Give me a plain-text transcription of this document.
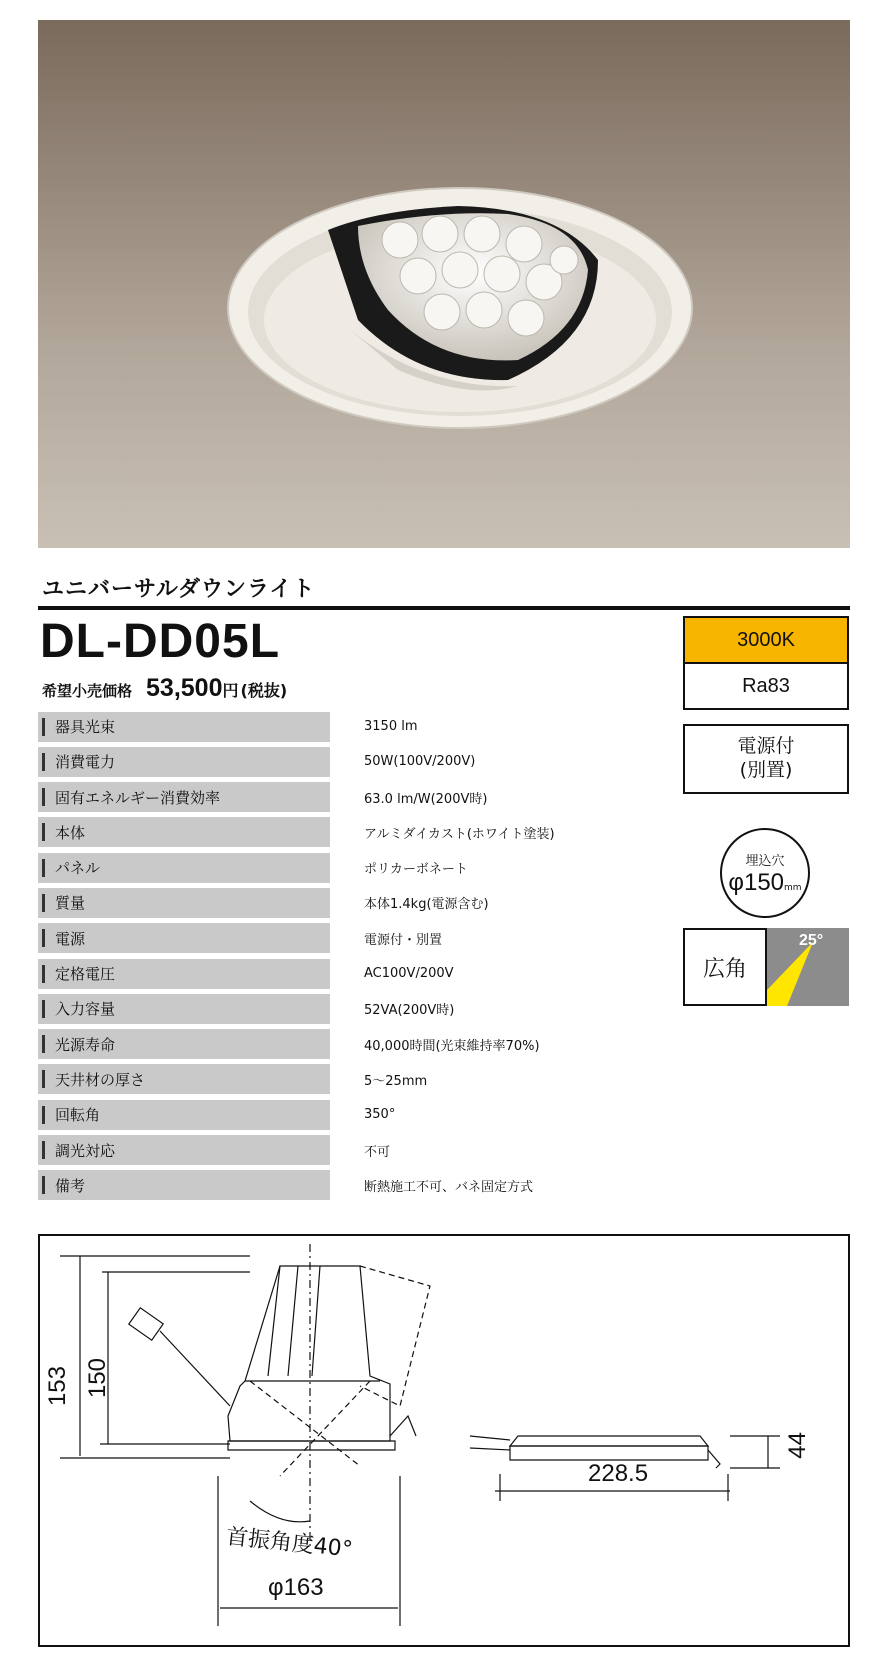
ユニバーサルダウンライト
DL-DD05L
希望小売価格 53,500 円 (税抜)
器具光束	3150 lm
消費電力	50W(100V/200V)
固有エネルギー消費効率	63.0 lm/W(200V時)
本体	アルミダイカスト(ホワイト塗装)
パネル	ポリカーボネート
質量	本体1.4kg(電源含む)
電源	電源付・別置
定格電圧	AC100V/200V
入力容量	52VA(200V時)
光源寿命	40,000時間(光束維持率70%)
天井材の厚さ	5～25mm
回転角	350°
調光対応	不可
備考	断熱施工不可、バネ固定方式
3000K
Ra83
電源付
(別置)
埋込穴
φ150mm
広角
25°
153 150
首振角度40°
φ163
228.5
44
